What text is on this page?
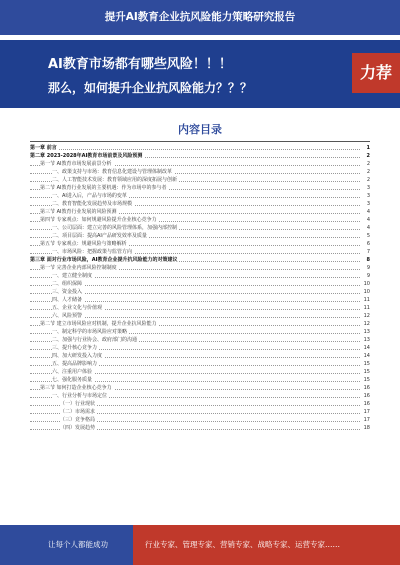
提升AI教育企业抗风险能力策略研究报告
AI教育市场都有哪些风险！！！
那么，如何提升企业抗风险能力？？？
力荐
内容目录
第一章 前言	1
第二章 2023-2028年AI教育市场前景及风险预测	2
第一节 AI教育市场发展前景分析	2
一、政策支持与市场：教育信息化建设与管理体制改革	2
二、人工智能技术发展：教育领域应用的深度拓展与创新	2
第二节 AI教育行业发展的主要机遇：作为市场中的参与者	3
一、AI进入后，产品与市场的变革	3
二、教育智能化发展趋势及市场规模	3
第三节 AI教育行业发展的风险预测	4
第四节 专家观点：如何规避风险提升企业核心竞争力	4
一、公司层面：建立完善的风险管理体系，加强内部控制	4
二、项目层面：提高AI产品研发效率及质量	5
第五节 专家观点：规避风险与策略解析	6
一、市场风险：把握政策与监管方向	7
第三章 面对行业市场风险，AI教育企业提升抗风险能力的对策建议	8
第一节 完善企业内部风险控制制度	9
一、建立健全制度	9
二、组织保障	10
三、资金投入	10
四、人才储备	11
五、企业文化与价值观	11
六、风险预警	12
第二节 建立市场风险应对机制，提升企业抗风险能力	12
一、制定科学的市场风险应对策略	13
二、加强与行业协会、政府部门的沟通	13
三、提升核心竞争力	14
四、加大研发投入力度	14
五、提高品牌影响力	15
六、注重用户体验	15
七、强化服务质量	15
第三节 如何打造企业核心竞争力	16
一、行业分析与市场定位	16
（一）行业现状	16
（二）市场需求	17
（三）竞争格局	17
（四）发展趋势	18
让每个人都能成功	行业专家、管理专家、营销专家、战略专家、运营专家……
